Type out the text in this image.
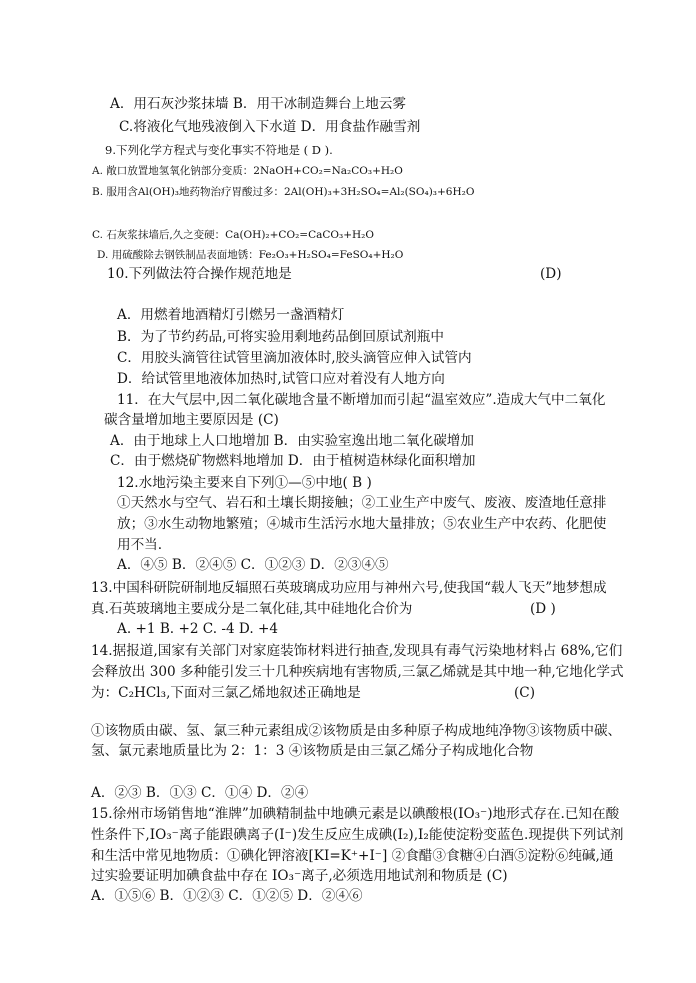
A．用石灰沙浆抹墙 B．用干冰制造舞台上地云雾
C.将液化气地残液倒入下水道 D．用食盐作融雪剂
9.下列化学方程式与变化事实不符地是 ( D ).
A. 敞口放置地氢氧化钠部分变质：2NaOH+CO₂=Na₂CO₃+H₂O
B. 服用含Al(OH)₃地药物治疗胃酸过多：2Al(OH)₃+3H₂SO₄=Al₂(SO₄)₃+6H₂O
C. 石灰浆抹墙后,久之变硬：Ca(OH)₂+CO₂=CaCO₃+H₂O
D. 用硫酸除去钢铁制品表面地锈：Fe₂O₃+H₂SO₄=FeSO₄+H₂O
10.下列做法符合操作规范地是	(D)
A．用燃着地酒精灯引燃另一盏酒精灯
B．为了节约药品,可将实验用剩地药品倒回原试剂瓶中
C．用胶头滴管往试管里滴加液体时,胶头滴管应伸入试管内
D．给试管里地液体加热时,试管口应对着没有人地方向
11．在大气层中,因二氧化碳地含量不断增加而引起“温室效应”.造成大气中二氧化
碳含量增加地主要原因是 (C)
A．由于地球上人口地增加 B．由实验室逸出地二氧化碳增加
C．由于燃烧矿物燃料地增加 D．由于植树造林绿化面积增加
12.水地污染主要来自下列①—⑤中地( B )
①天然水与空气、岩石和土壤长期接触；②工业生产中废气、废液、废渣地任意排
放；③水生动物地繁殖；④城市生活污水地大量排放；⑤农业生产中农药、化肥使
用不当.
A．④⑤ B．②④⑤ C．①②③ D．②③④⑤
13.中国科研院研制地反辐照石英玻璃成功应用与神州六号,使我国“载人飞天”地梦想成
真.石英玻璃地主要成分是二氧化硅,其中硅地化合价为	(D )
A. +1 B. +2 C. -4 D. +4
14.据报道,国家有关部门对家庭装饰材料进行抽查,发现具有毒气污染地材料占 68%,它们
会释放出 300 多种能引发三十几种疾病地有害物质,三氯乙烯就是其中地一种,它地化学式
为：C₂HCl₃,下面对三氯乙烯地叙述正确地是	(C)
①该物质由碳、氢、氯三种元素组成②该物质是由多种原子构成地纯净物③该物质中碳、
氢、氯元素地质量比为 2：1：3 ④该物质是由三氯乙烯分子构成地化合物
A．②③ B．①③ C．①④ D．②④
15.徐州市场销售地“淮牌”加碘精制盐中地碘元素是以碘酸根(IO₃⁻)地形式存在.已知在酸
性条件下,IO₃⁻离子能跟碘离子(I⁻)发生反应生成碘(I₂),I₂能使淀粉变蓝色.现提供下列试剂
和生活中常见地物质：①碘化钾溶液[KI=K⁺+I⁻] ②食醋③食糖④白酒⑤淀粉⑥纯碱,通
过实验要证明加碘食盐中存在 IO₃⁻离子,必须选用地试剂和物质是 (C)
A．①⑤⑥ B．①②③ C．①②⑤ D．②④⑥
